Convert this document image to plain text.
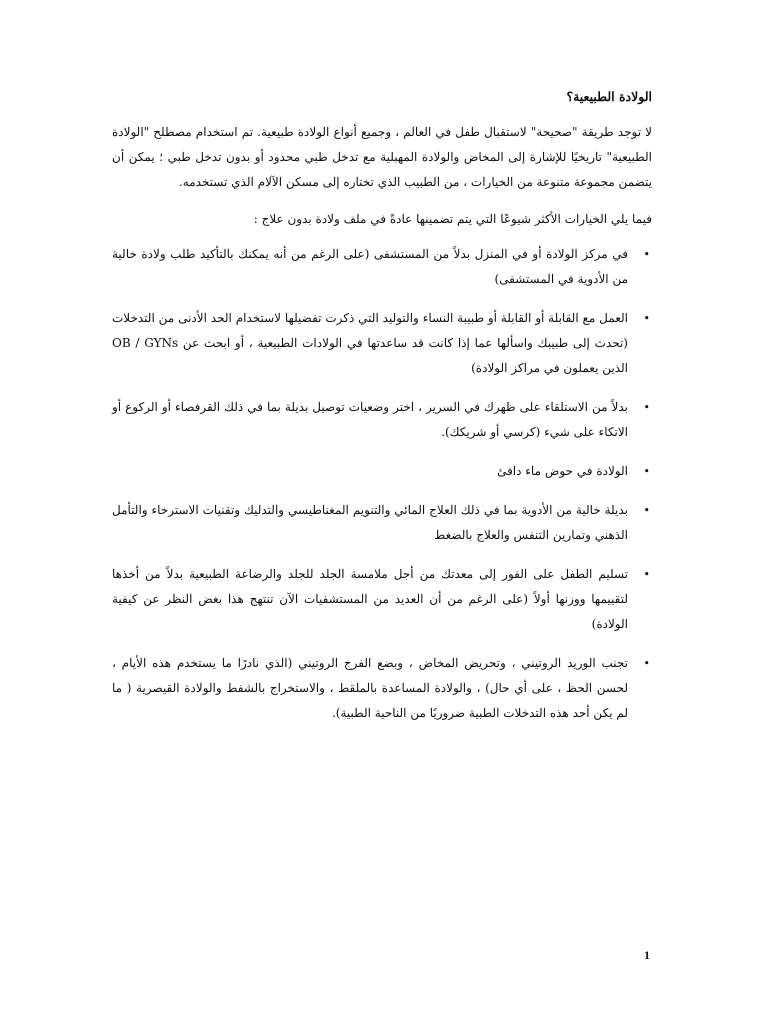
الولادة الطبيعية؟

لا توجد طريقة "صحيحة" لاستقبال طفل في العالم ، وجميع أنواع الولادة طبيعية. تم استخدام مصطلح "الولادة الطبيعية" تاريخيًا للإشارة إلى المخاض والولادة المهبلية مع تدخل طبي محدود أو بدون تدخل طبي ؛ يمكن أن يتضمن مجموعة متنوعة من الخيارات ، من الطبيب الذي تختاره إلى مسكن الآلام الذي تستخدمه.

فيما يلي الخيارات الأكثر شيوعًا التي يتم تضمينها عادةً في ملف ولادة بدون علاج :

•
في مركز الولادة أو في المنزل بدلاً من المستشفى (على الرغم من أنه يمكنك بالتأكيد طلب ولادة خالية من الأدوية في المستشفى)
•
العمل مع القابلة أو القابلة أو طبيبة النساء والتوليد التي ذكرت تفضيلها لاستخدام الحد الأدنى من التدخلات (تحدث إلى طبيبك واسألها عما إذا كانت قد ساعدتها في الولادات الطبيعية ، أو ابحث عن OB / GYNs الذين يعملون في مراكز الولادة)
•
بدلاً من الاستلقاء على ظهرك في السرير ، اختر وضعيات توصيل بديلة بما في ذلك القرفصاء أو الركوع أو الاتكاء على شيء (كرسي أو شريكك).
•
الولادة في حوض ماء دافئ
•
بديلة خالية من الأدوية بما في ذلك العلاج المائي والتنويم المغناطيسي والتدليك وتقنيات الاسترخاء والتأمل الذهني وتمارين التنفس والعلاج بالضغط
•
تسليم الطفل على الفور إلى معدتك من أجل ملامسة الجلد للجلد والرضاعة الطبيعية بدلاً من أخذها لتقييمها ووزنها أولاً (على الرغم من أن العديد من المستشفيات الآن تنتهج هذا بغض النظر عن كيفية الولادة)
•
تجنب الوريد الروتيني ، وتحريض المخاض ، وبضع الفرج الروتيني (الذي نادرًا ما يستخدم هذه الأيام ، لحسن الحظ ، على أي حال) ، والولادة المساعدة بالملقط ، والاستخراج بالشفط والولادة القيصرية ( ما لم يكن أحد هذه التدخلات الطبية ضروريًا من الناحية الطبية).
1
